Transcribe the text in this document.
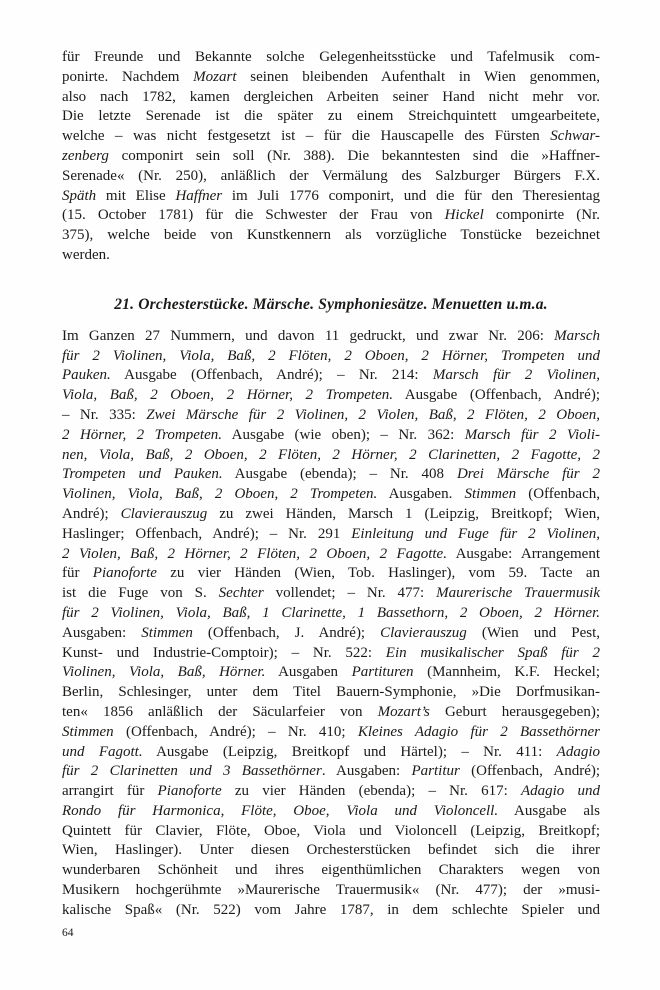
für Freunde und Bekannte solche Gelegenheitsstücke und Tafelmusik com-
ponirte. Nachdem Mozart seinen bleibenden Aufenthalt in Wien genommen,
also nach 1782, kamen dergleichen Arbeiten seiner Hand nicht mehr vor.
Die letzte Serenade ist die später zu einem Streichquintett umgearbeitete,
welche – was nicht festgesetzt ist – für die Hauscapelle des Fürsten Schwar-
zenberg componirt sein soll (Nr. 388). Die bekanntesten sind die »Haffner-
Serenade« (Nr. 250), anläßlich der Vermälung des Salzburger Bürgers F.X.
Späth mit Elise Haffner im Juli 1776 componirt, und die für den Theresientag
(15. October 1781) für die Schwester der Frau von Hickel componirte (Nr.
375), welche beide von Kunstkennern als vorzügliche Tonstücke bezeichnet
werden.
21. Orchesterstücke. Märsche. Symphoniesätze. Menuetten u.m.a.
Im Ganzen 27 Nummern, und davon 11 gedruckt, und zwar Nr. 206: Marsch
für 2 Violinen, Viola, Baß, 2 Flöten, 2 Oboen, 2 Hörner, Trompeten und
Pauken. Ausgabe (Offenbach, André); – Nr. 214: Marsch für 2 Violinen,
Viola, Baß, 2 Oboen, 2 Hörner, 2 Trompeten. Ausgabe (Offenbach, André);
– Nr. 335: Zwei Märsche für 2 Violinen, 2 Violen, Baß, 2 Flöten, 2 Oboen,
2 Hörner, 2 Trompeten. Ausgabe (wie oben); – Nr. 362: Marsch für 2 Violi-
nen, Viola, Baß, 2 Oboen, 2 Flöten, 2 Hörner, 2 Clarinetten, 2 Fagotte, 2
Trompeten und Pauken. Ausgabe (ebenda); – Nr. 408 Drei Märsche für 2
Violinen, Viola, Baß, 2 Oboen, 2 Trompeten. Ausgaben. Stimmen (Offenbach,
André); Clavierauszug zu zwei Händen, Marsch 1 (Leipzig, Breitkopf; Wien,
Haslinger; Offenbach, André); – Nr. 291 Einleitung und Fuge für 2 Violinen,
2 Violen, Baß, 2 Hörner, 2 Flöten, 2 Oboen, 2 Fagotte. Ausgabe: Arrangement
für Pianoforte zu vier Händen (Wien, Tob. Haslinger), vom 59. Tacte an
ist die Fuge von S. Sechter vollendet; – Nr. 477: Maurerische Trauermusik
für 2 Violinen, Viola, Baß, 1 Clarinette, 1 Bassethorn, 2 Oboen, 2 Hörner.
Ausgaben: Stimmen (Offenbach, J. André); Clavierauszug (Wien und Pest,
Kunst- und Industrie-Comptoir); – Nr. 522: Ein musikalischer Spaß für 2
Violinen, Viola, Baß, Hörner. Ausgaben Partituren (Mannheim, K.F. Heckel;
Berlin, Schlesinger, unter dem Titel Bauern-Symphonie, »Die Dorfmusikan-
ten« 1856 anläßlich der Säcularfeier von Mozart’s Geburt herausgegeben);
Stimmen (Offenbach, André); – Nr. 410; Kleines Adagio für 2 Bassethörner
und Fagott. Ausgabe (Leipzig, Breitkopf und Härtel); – Nr. 411: Adagio
für 2 Clarinetten und 3 Bassethörner. Ausgaben: Partitur (Offenbach, André);
arrangirt für Pianoforte zu vier Händen (ebenda); – Nr. 617: Adagio und
Rondo für Harmonica, Flöte, Oboe, Viola und Violoncell. Ausgabe als
Quintett für Clavier, Flöte, Oboe, Viola und Violoncell (Leipzig, Breitkopf;
Wien, Haslinger). Unter diesen Orchesterstücken befindet sich die ihrer
wunderbaren Schönheit und ihres eigenthümlichen Charakters wegen von
Musikern hochgerühmte »Maurerische Trauermusik« (Nr. 477); der »musi-
kalische Spaß« (Nr. 522) vom Jahre 1787, in dem schlechte Spieler und
64
